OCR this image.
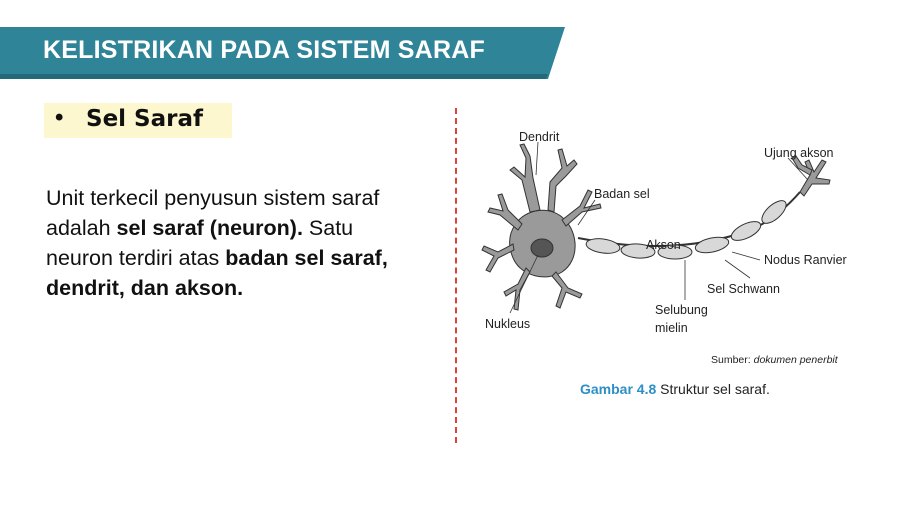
KELISTRIKAN PADA SISTEM SARAF
• Sel Saraf
Unit terkecil penyusun sistem saraf adalah sel saraf (neuron). Satu neuron terdiri atas badan sel saraf, dendrit, dan akson.
Dendrit
Ujung akson
Badan sel
Akson
Nodus Ranvier
Sel Schwann
Nukleus
Selubung
mielin
Sumber: dokumen penerbit
Gambar 4.8 Struktur sel saraf.
